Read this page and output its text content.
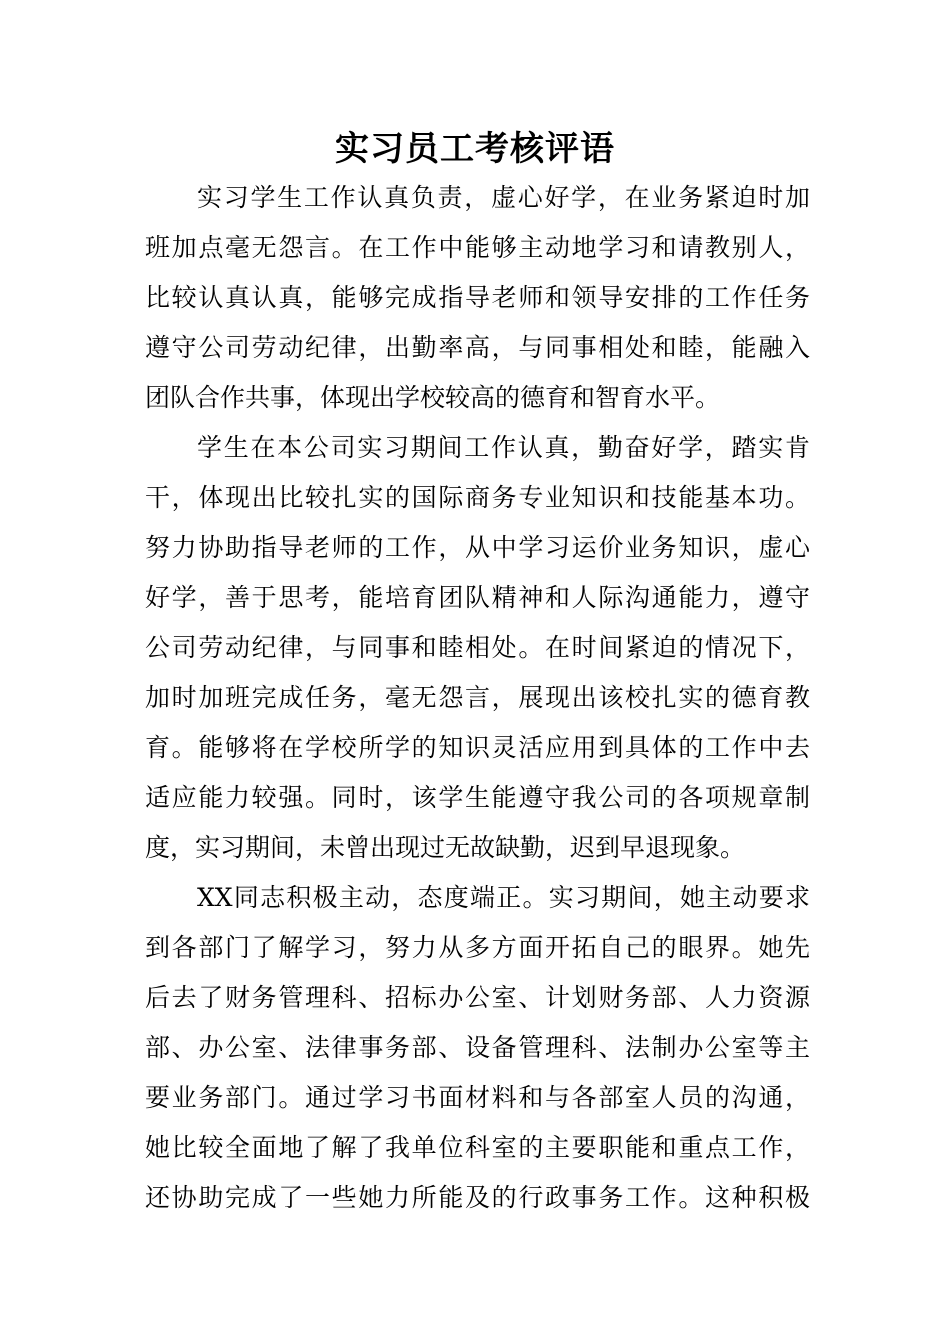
实习员工考核评语
实习学生工作认真负责，虚心好学，在业务紧迫时加
班加点毫无怨言。在工作中能够主动地学习和请教别人，
比较认真认真，能够完成指导老师和领导安排的工作任务
遵守公司劳动纪律，出勤率高，与同事相处和睦，能融入
团队合作共事，体现出学校较高的德育和智育水平。
学生在本公司实习期间工作认真，勤奋好学，踏实肯
干，体现出比较扎实的国际商务专业知识和技能基本功。
努力协助指导老师的工作，从中学习运价业务知识，虚心
好学，善于思考，能培育团队精神和人际沟通能力，遵守
公司劳动纪律，与同事和睦相处。在时间紧迫的情况下，
加时加班完成任务，毫无怨言，展现出该校扎实的德育教
育。能够将在学校所学的知识灵活应用到具体的工作中去
适应能力较强。同时，该学生能遵守我公司的各项规章制
度，实习期间，未曾出现过无故缺勤，迟到早退现象。
XX同志积极主动，态度端正。实习期间，她主动要求
到各部门了解学习，努力从多方面开拓自己的眼界。她先
后去了财务管理科、招标办公室、计划财务部、人力资源
部、办公室、法律事务部、设备管理科、法制办公室等主
要业务部门。通过学习书面材料和与各部室人员的沟通，
她比较全面地了解了我单位科室的主要职能和重点工作，
还协助完成了一些她力所能及的行政事务工作。这种积极
